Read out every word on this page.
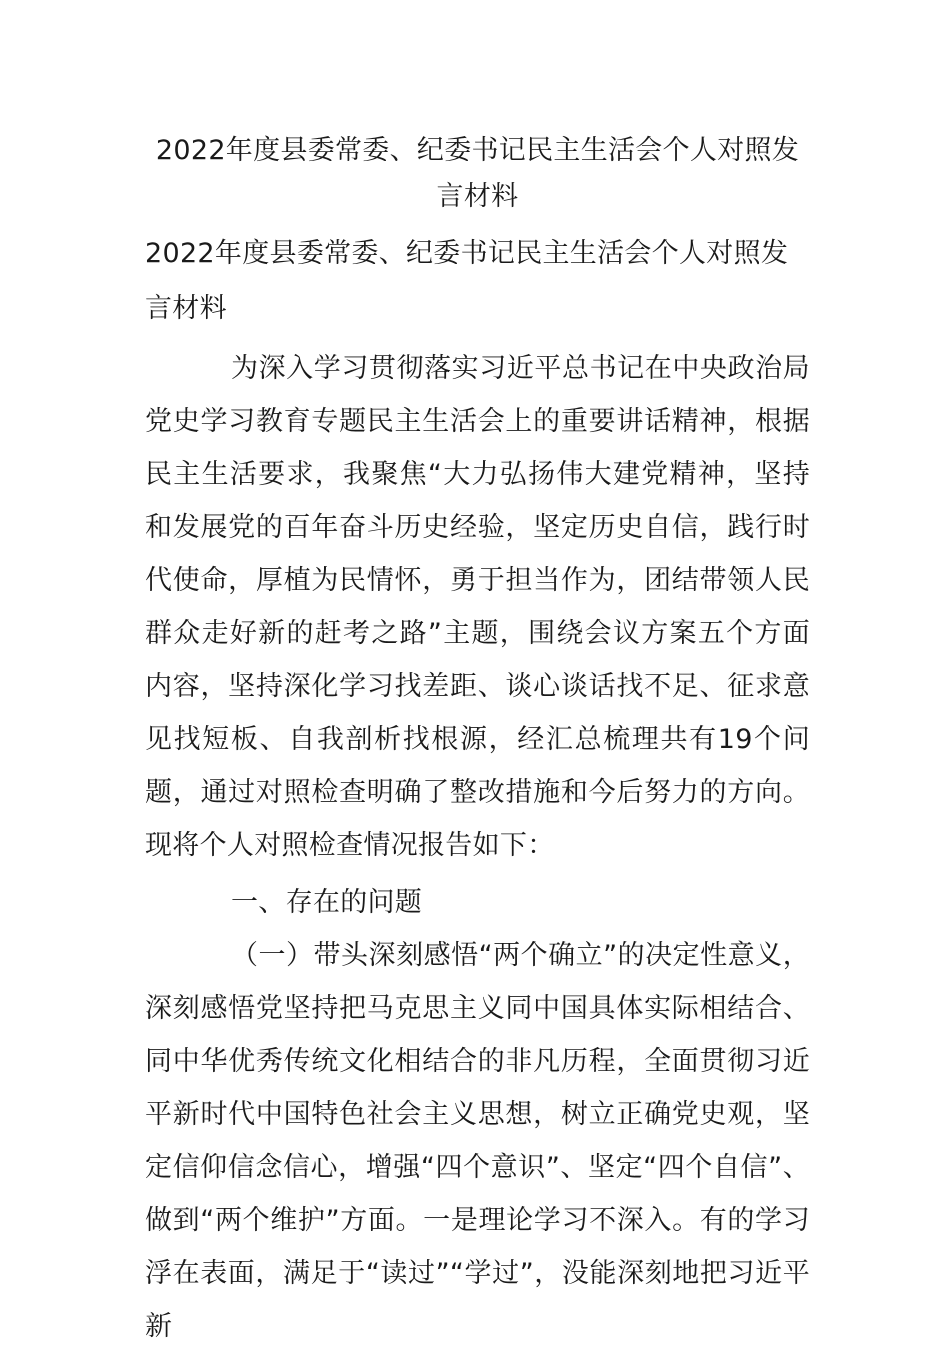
2022年度县委常委、纪委书记民主生活会个人对照发言材料
2022年度县委常委、纪委书记民主生活会个人对照发言材料

为深入学习贯彻落实习近平总书记在中央政治局党史学习教育专题民主生活会上的重要讲话精神，根据民主生活要求，我聚焦“大力弘扬伟大建党精神，坚持和发展党的百年奋斗历史经验，坚定历史自信，践行时代使命，厚植为民情怀，勇于担当作为，团结带领人民群众走好新的赶考之路”主题，围绕会议方案五个方面内容，坚持深化学习找差距、谈心谈话找不足、征求意见找短板、自我剖析找根源，经汇总梳理共有19个问题，通过对照检查明确了整改措施和今后努力的方向。现将个人对照检查情况报告如下：

一、存在的问题

（一）带头深刻感悟“两个确立”的决定性意义，深刻感悟党坚持把马克思主义同中国具体实际相结合、同中华优秀传统文化相结合的非凡历程，全面贯彻习近平新时代中国特色社会主义思想，树立正确党史观，坚定信仰信念信心，增强“四个意识”、坚定“四个自信”、做到“两个维护”方面。一是理论学习不深入。有的学习浮在表面，满足于“读过”“学过”，没能深刻地把习近平新
